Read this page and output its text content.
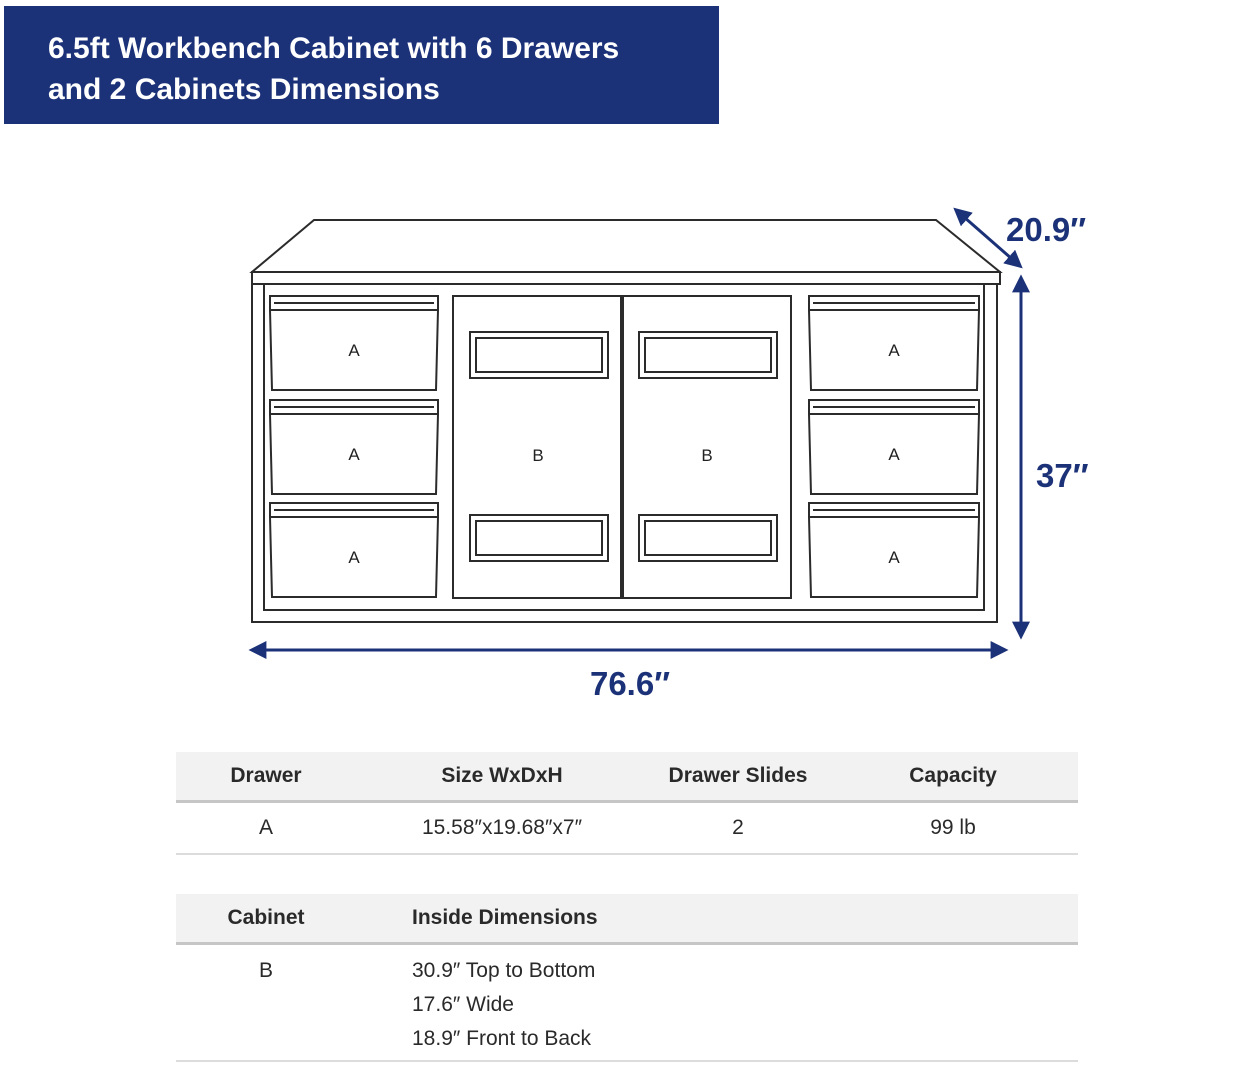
6.5ft Workbench Cabinet with 6 Drawers
and 2 Cabinets Dimensions
A
A
A
A
A
A
B	B
20.9″
37″
76.6″
Drawer	Size WxDxH	Drawer Slides	Capacity
A	15.58″x19.68″x7″	2	99 lb
Cabinet		Inside Dimensions
B		30.9″ Top to Bottom
17.6″ Wide
18.9″ Front to Back
